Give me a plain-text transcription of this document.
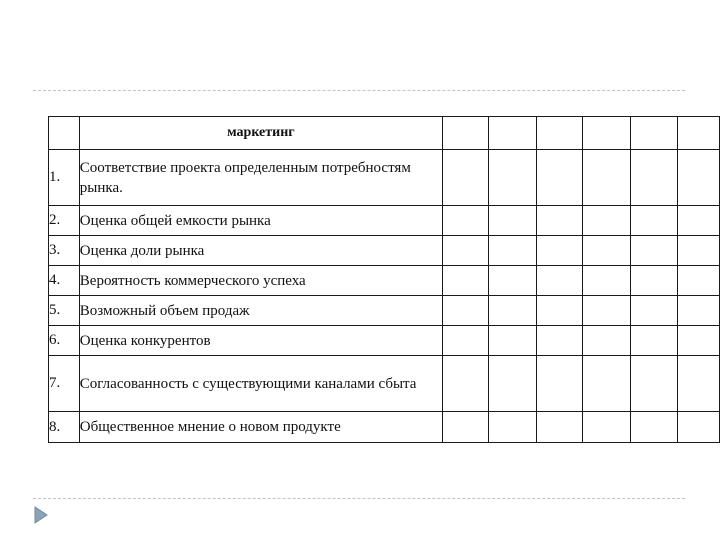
	маркетинг						
1.	Соответствие проекта определенным потребностям рынка.						
2.	Оценка общей емкости рынка						
3.	Оценка доли рынка						
4.	Вероятность коммерческого успеха						
5.	Возможный объем продаж						
6.	Оценка конкурентов						
7.	Согласованность с существующими каналами сбыта						
8.	Общественное мнение о новом продукте						
